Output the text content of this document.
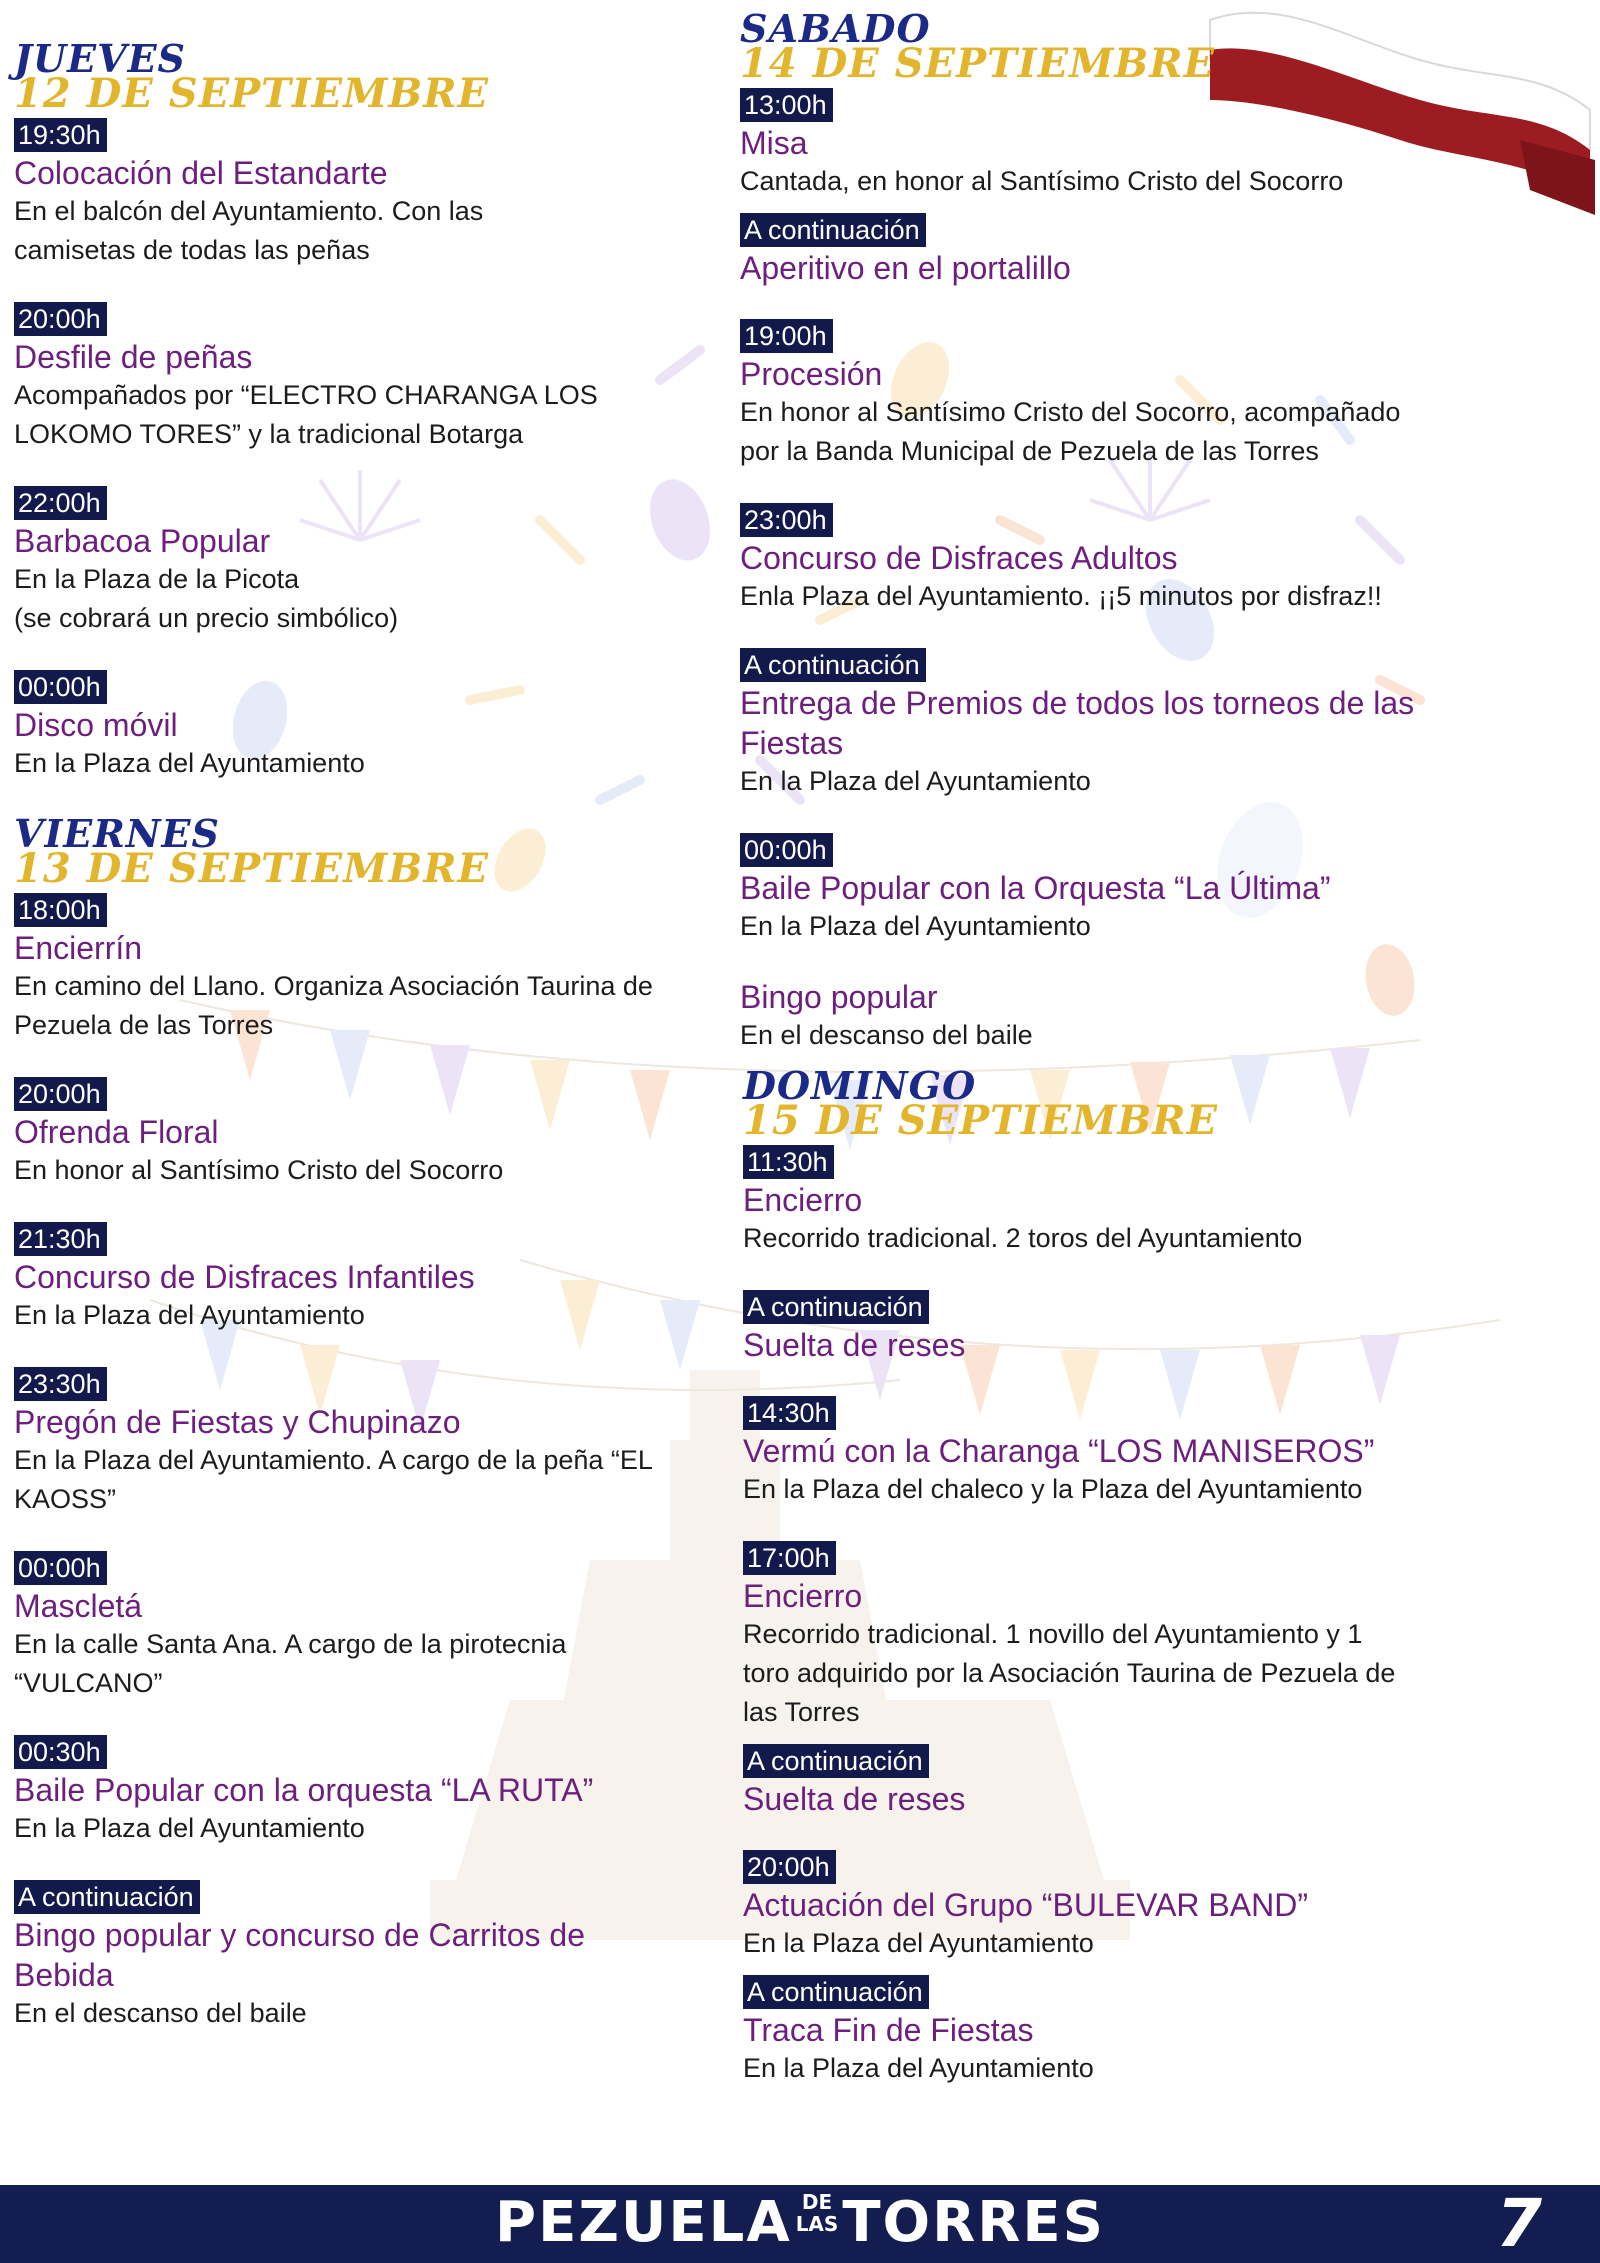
JUEVES
12 DE SEPTIEMBRE
19:30h
Colocación del Estandarte
En el balcón del Ayuntamiento. Con las
camisetas de todas las peñas
20:00h
Desfile de peñas
Acompañados por “ELECTRO CHARANGA LOS
LOKOMO TORES” y la tradicional Botarga
22:00h
Barbacoa Popular
En la Plaza de la Picota
(se cobrará un precio simbólico)
00:00h
Disco móvil
En la Plaza del Ayuntamiento
VIERNES
13 DE SEPTIEMBRE
18:00h
Encierrín
En camino del Llano. Organiza Asociación Taurina de
Pezuela de las Torres
20:00h
Ofrenda Floral
En honor al Santísimo Cristo del Socorro
21:30h
Concurso de Disfraces Infantiles
En la Plaza del Ayuntamiento
23:30h
Pregón de Fiestas y Chupinazo
En la Plaza del Ayuntamiento. A cargo de la peña “EL
KAOSS”
00:00h
Mascletá
En la calle Santa Ana. A cargo de la pirotecnia
“VULCANO”
00:30h
Baile Popular con la orquesta “LA RUTA”
En la Plaza del Ayuntamiento
A continuación
Bingo popular y concurso de Carritos de
Bebida
En el descanso del baile
SABADO
14 DE SEPTIEMBRE
13:00h
Misa
Cantada, en honor al Santísimo Cristo del Socorro
A continuación
Aperitivo en el portalillo
19:00h
Procesión
En honor al Santísimo Cristo del Socorro, acompañado
por la Banda Municipal de Pezuela de las Torres
23:00h
Concurso de Disfraces Adultos
Enla Plaza del Ayuntamiento. ¡¡5 minutos por disfraz!!
A continuación
Entrega de Premios de todos los torneos de las
Fiestas
En la Plaza del Ayuntamiento
00:00h
Baile Popular con la Orquesta “La Última”
En la Plaza del Ayuntamiento
Bingo popular
En el descanso del baile
DOMINGO
15 DE SEPTIEMBRE
11:30h
Encierro
Recorrido tradicional. 2 toros del Ayuntamiento
A continuación
Suelta de reses
14:30h
Vermú con la Charanga “LOS MANISEROS”
En la Plaza del chaleco y la Plaza del Ayuntamiento
17:00h
Encierro
Recorrido tradicional. 1 novillo del Ayuntamiento y 1
toro adquirido por la Asociación Taurina de Pezuela de
las Torres
A continuación
Suelta de reses
20:00h
Actuación del Grupo “BULEVAR BAND”
En la Plaza del Ayuntamiento
A continuación
Traca Fin de Fiestas
En la Plaza del Ayuntamiento
PEZUELA DE
LASTORRES	7
